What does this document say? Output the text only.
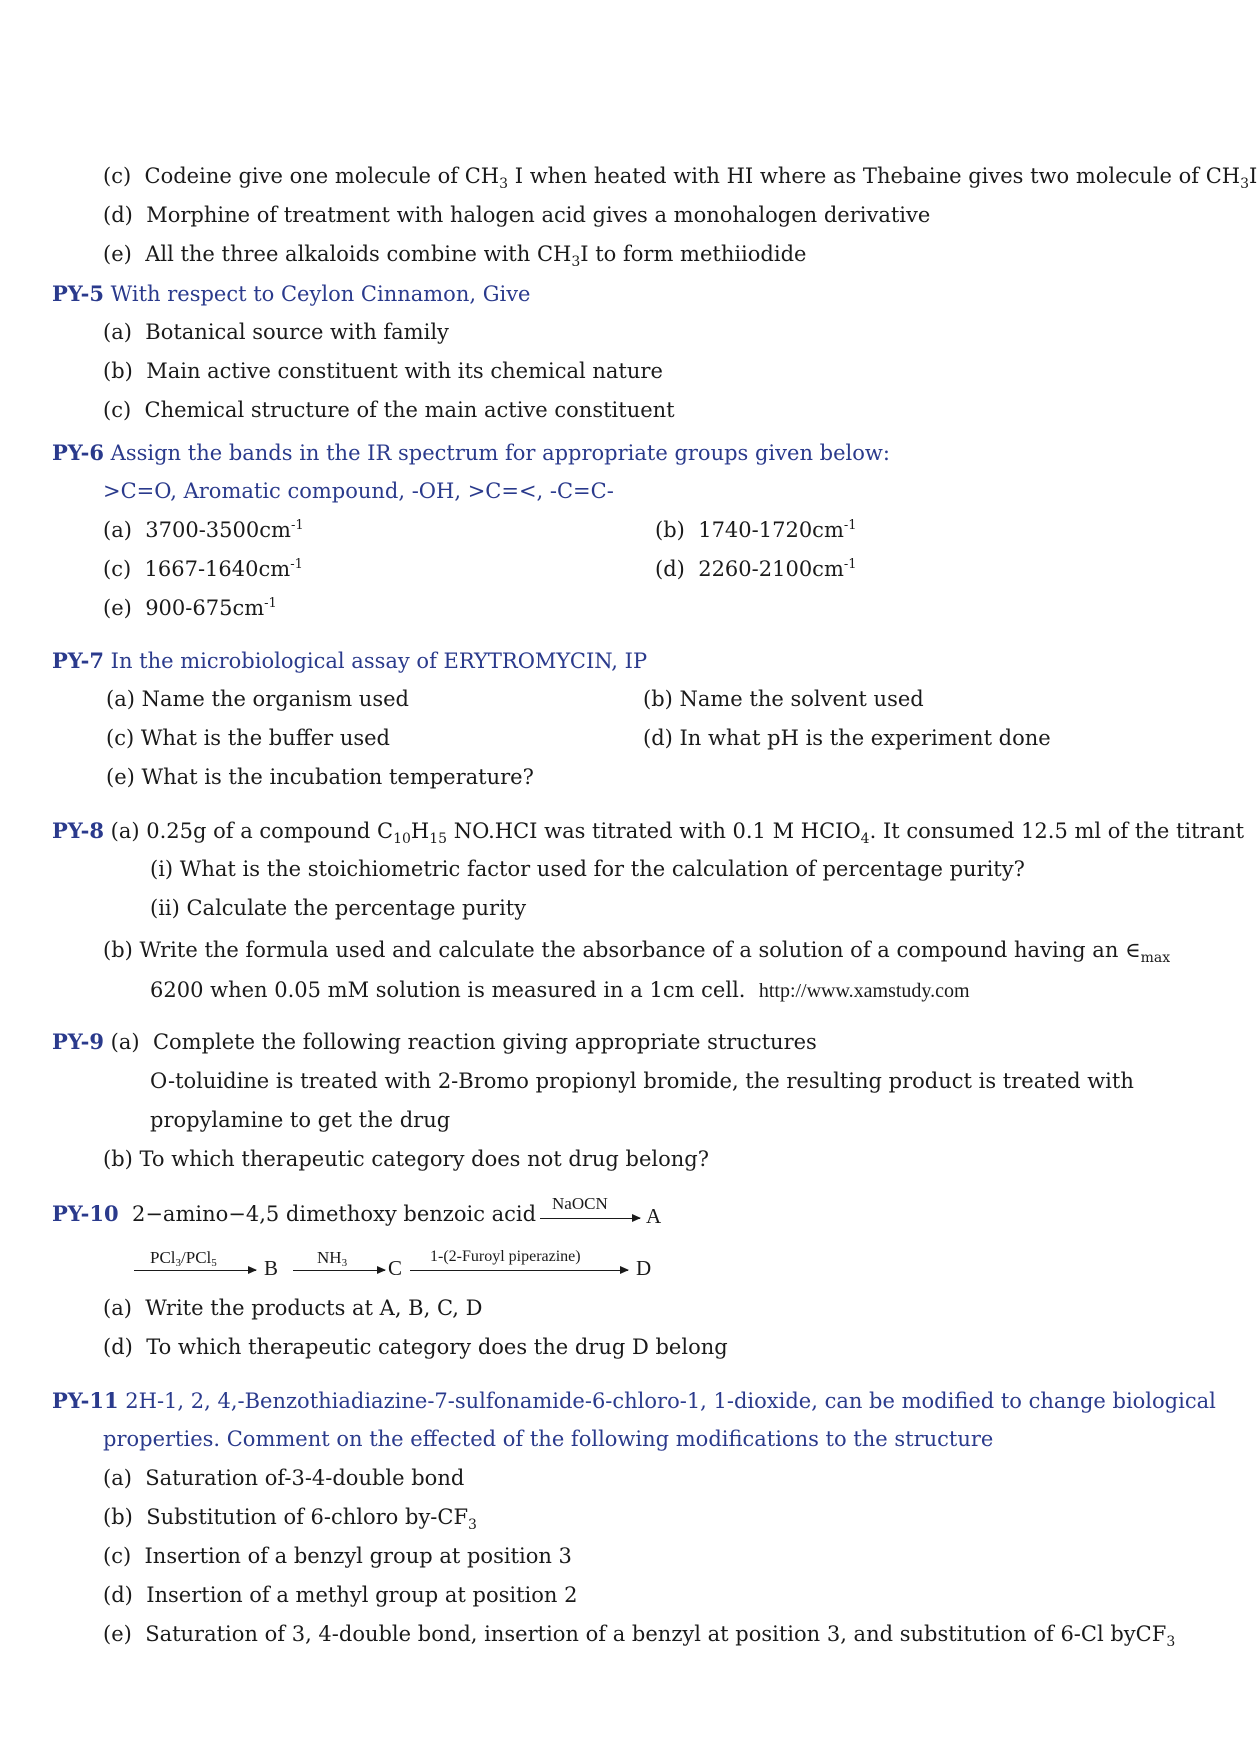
(c) Codeine give one molecule of $CH_3$ I when heated with HI where as Thebaine gives two molecule of $CH_3I$
(d) Morphine of treatment with halogen acid gives a monohalogen derivative
(e) All the three alkaloids combine with $CH_3I$ to form methiiodide
PY-5 With respect to Ceylon Cinnamon, Give
(a) Botanical source with family
(b) Main active constituent with its chemical nature
(c) Chemical structure of the main active constituent
PY-6 Assign the bands in the IR spectrum for appropriate groups given below:
>C=O, Aromatic compound, -OH, >C=<, -C=C-
(a) $3700-3500cm^{-1}$	(b) $1740-1720cm^{-1}$
(c) $1667-1640cm^{-1}$	(d) $2260-2100cm^{-1}$
(e) $900-675cm^{-1}$
PY-7 In the microbiological assay of ERYTROMYCIN, IP
(a) Name the organism used	(b) Name the solvent used
(c) What is the buffer used	(d) In what pH is the experiment done
(e) What is the incubation temperature?
PY-8 (a) 0.25g of a compound $C_{10}H_{15}$ NO.HCI was titrated with 0.1 M $HCIO_4$. It consumed 12.5 ml of the titrant
(i) What is the stoichiometric factor used for the calculation of percentage purity?
(ii) Calculate the percentage purity
(b) Write the formula used and calculate the absorbance of a solution of a compound having an $\in_{max}$
6200 when 0.05 mM solution is measured in a 1cm cell. http://www.xamstudy.com
PY-9 (a) Complete the following reaction giving appropriate structures
O-toluidine is treated with 2-Bromo propionyl bromide, the resulting product is treated with
propylamine to get the drug
(b) To which therapeutic category does not drug belong?
PY-10 2−amino−4,5 dimethoxy benzoic acid NaOCN
A
PCl3/PCl5 B NH3 C 1-(2-Furoyl piperazine)	D
(a) Write the products at A, B, C, D
(d) To which therapeutic category does the drug D belong
PY-11 2H-1, 2, 4,-Benzothiadiazine-7-sulfonamide-6-chloro-1, 1-dioxide, can be modified to change biological
properties. Comment on the effected of the following modifications to the structure
(a) Saturation of-3-4-double bond
(b) Substitution of 6-chloro $by-CF_3$
(c) Insertion of a benzyl group at position 3
(d) Insertion of a methyl group at position 2
(e) Saturation of 3, 4-double bond, insertion of a benzyl at position 3, and substitution of 6-Cl byCF$_3$
